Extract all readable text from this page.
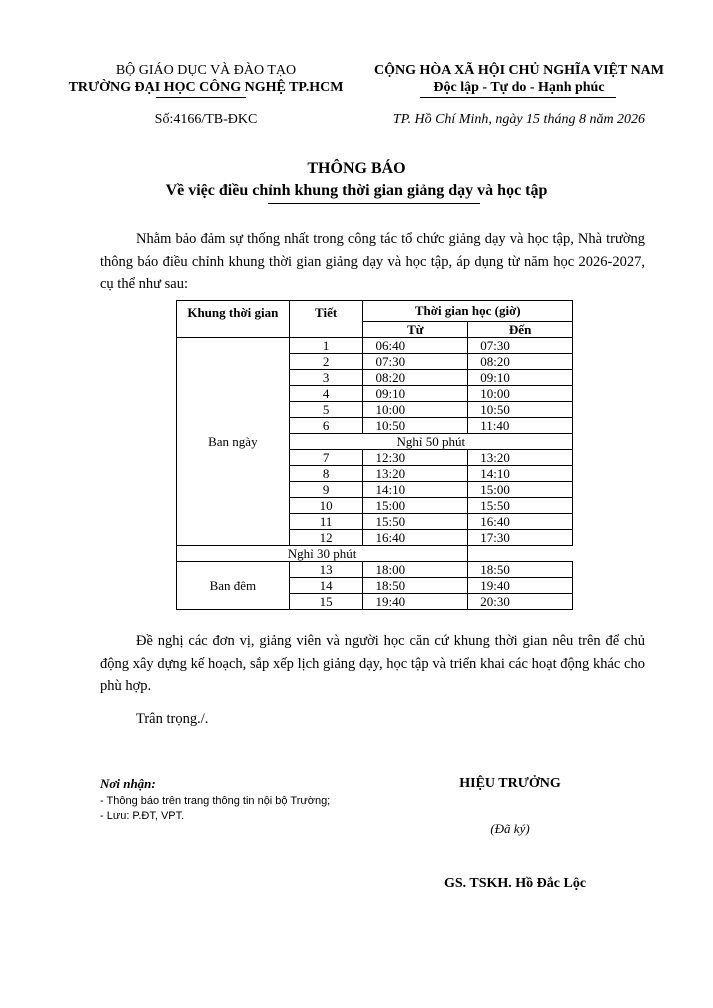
BỘ GIÁO DỤC VÀ ĐÀO TẠO
TRƯỜNG ĐẠI HỌC CÔNG NGHỆ TP.HCM
CỘNG HÒA XÃ HỘI CHỦ NGHĨA VIỆT NAM
Độc lập - Tự do - Hạnh phúc
Số:4166/TB-ĐKC	TP. Hồ Chí Minh, ngày 15 tháng 8 năm 2026
THÔNG BÁO
Về việc điều chỉnh khung thời gian giảng dạy và học tập
Nhằm bảo đảm sự thống nhất trong công tác tổ chức giảng dạy và học tập, Nhà trường thông báo điều chỉnh khung thời gian giảng dạy và học tập, áp dụng từ năm học 2026-2027, cụ thể như sau:
Khung thời gian	Tiết	Thời gian học (giờ)	
		Từ	Đến
Ban ngày	1	06:40	07:30
	2	07:30	08:20
	3	08:20	09:10
	4	09:10	10:00
	5	10:00	10:50
	6	10:50	11:40
	Nghỉ 50 phút		
	7	12:30	13:20
	8	13:20	14:10
	9	14:10	15:00
	10	15:00	15:50
	11	15:50	16:40
	12	16:40	17:30
Nghỉ 30 phút			
Ban đêm	13	18:00	18:50
	14	18:50	19:40
	15	19:40	20:30
Đề nghị các đơn vị, giảng viên và người học căn cứ khung thời gian nêu trên để chủ động xây dựng kế hoạch, sắp xếp lịch giảng dạy, học tập và triển khai các hoạt động khác cho phù hợp.
Trân trọng./.
Nơi nhận:
- Thông báo trên trang thông tin nội bộ Trường;
- Lưu: P.ĐT, VPT.
HIỆU TRƯỞNG
(Đã ký)
GS. TSKH. Hồ Đắc Lộc
